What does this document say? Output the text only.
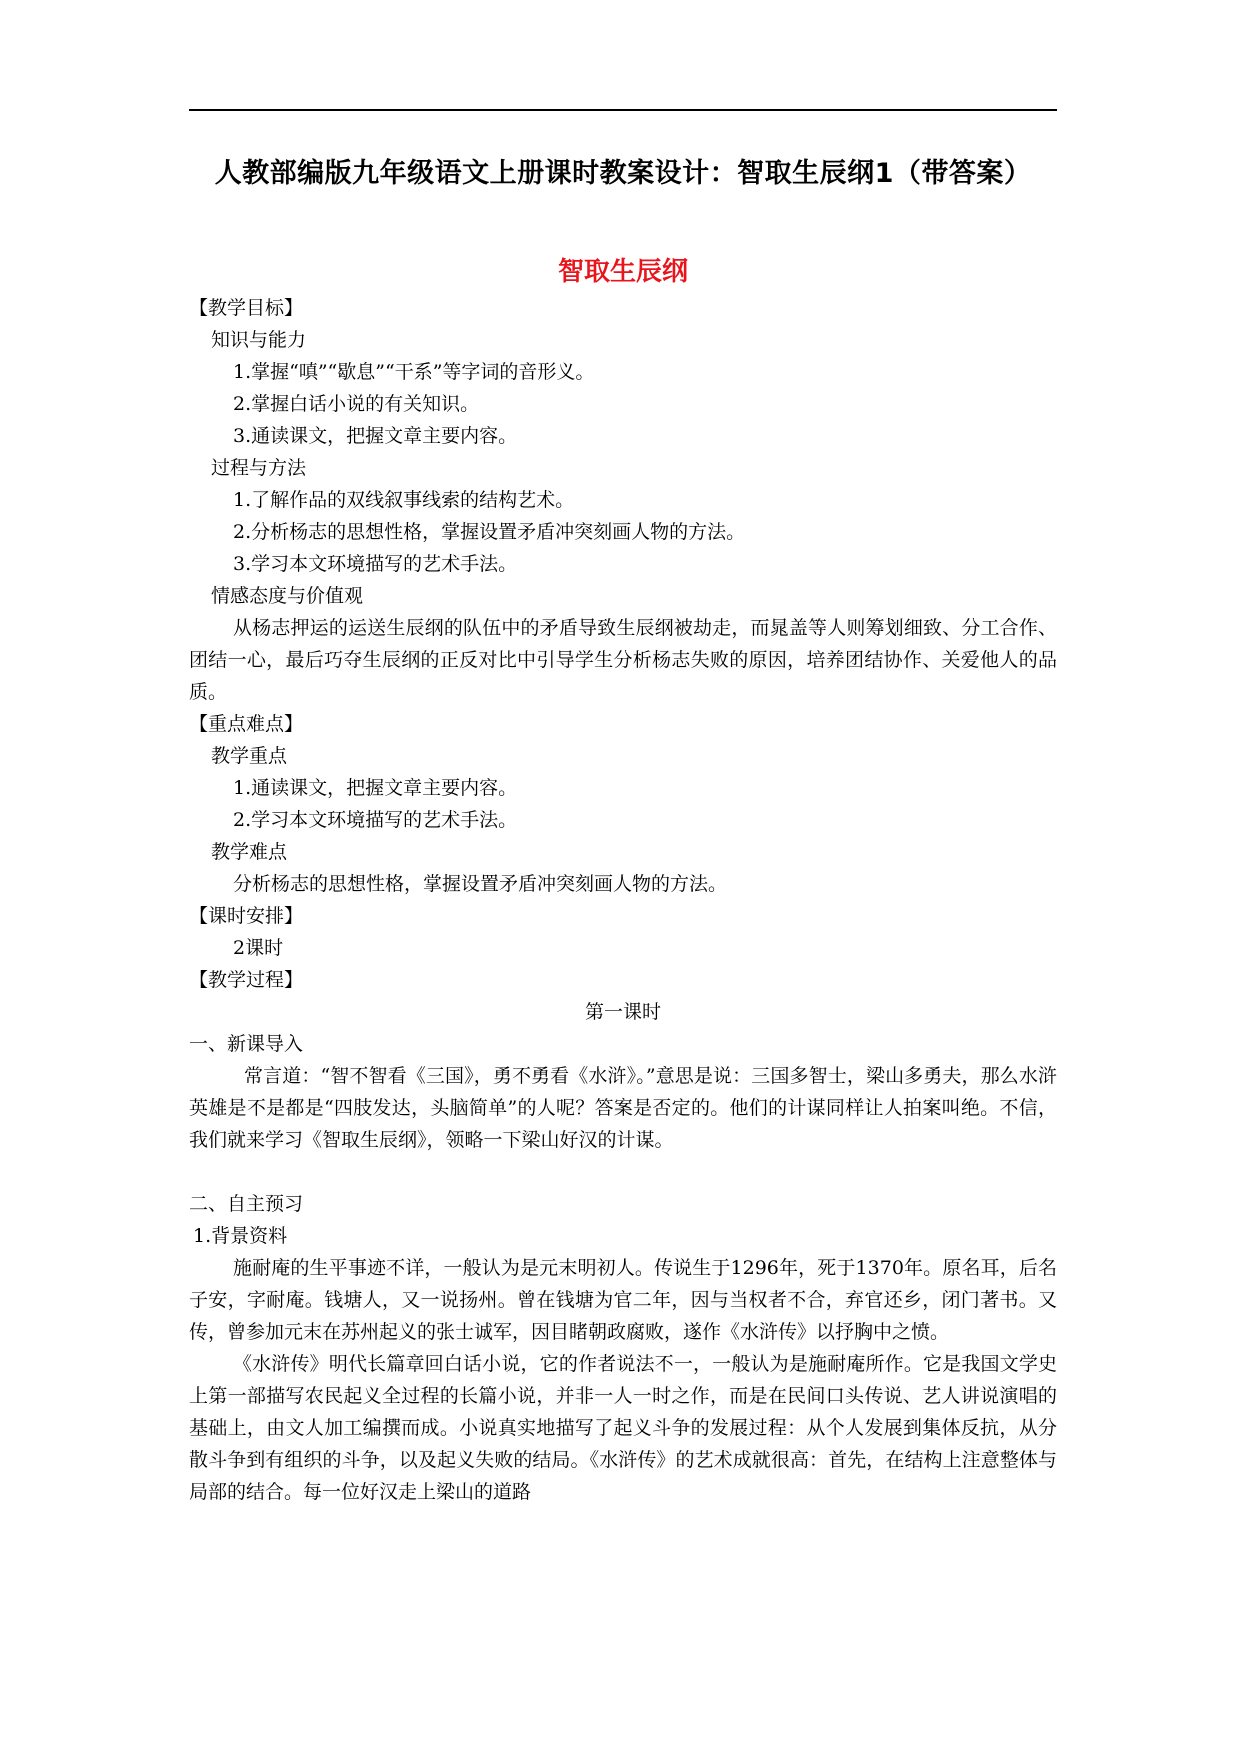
人教部编版九年级语文上册课时教案设计：智取生辰纲1（带答案）
智取生辰纲

【教学目标】

知识与能力

1.掌握“嗔”“歇息”“干系”等字词的音形义。

2.掌握白话小说的有关知识。

3.通读课文，把握文章主要内容。

过程与方法

1.了解作品的双线叙事线索的结构艺术。

2.分析杨志的思想性格，掌握设置矛盾冲突刻画人物的方法。

3.学习本文环境描写的艺术手法。

情感态度与价值观

从杨志押运的运送生辰纲的队伍中的矛盾导致生辰纲被劫走，而晁盖等人则筹划细致、分工合作、团结一心，最后巧夺生辰纲的正反对比中引导学生分析杨志失败的原因，培养团结协作、关爱他人的品质。

【重点难点】

教学重点

1.通读课文，把握文章主要内容。

2.学习本文环境描写的艺术手法。

教学难点

分析杨志的思想性格，掌握设置矛盾冲突刻画人物的方法。

【课时安排】

2课时

【教学过程】

第一课时

一、新课导入

常言道：“智不智看《三国》，勇不勇看《水浒》。”意思是说：三国多智士，梁山多勇夫，那么水浒英雄是不是都是“四肢发达，头脑简单”的人呢？答案是否定的。他们的计谋同样让人拍案叫绝。不信，我们就来学习《智取生辰纲》，领略一下梁山好汉的计谋。

二、自主预习

1.背景资料

施耐庵的生平事迹不详，一般认为是元末明初人。传说生于1296年，死于1370年。原名耳，后名子安，字耐庵。钱塘人，又一说扬州。曾在钱塘为官二年，因与当权者不合，弃官还乡，闭门著书。又传，曾参加元末在苏州起义的张士诚军，因目睹朝政腐败，遂作《水浒传》以抒胸中之愤。

《水浒传》明代长篇章回白话小说，它的作者说法不一，一般认为是施耐庵所作。它是我国文学史上第一部描写农民起义全过程的长篇小说，并非一人一时之作，而是在民间口头传说、艺人讲说演唱的基础上，由文人加工编撰而成。小说真实地描写了起义斗争的发展过程：从个人发展到集体反抗，从分散斗争到有组织的斗争，以及起义失败的结局。《水浒传》的艺术成就很高：首先，在结构上注意整体与局部的结合。每一位好汉走上梁山的道路
